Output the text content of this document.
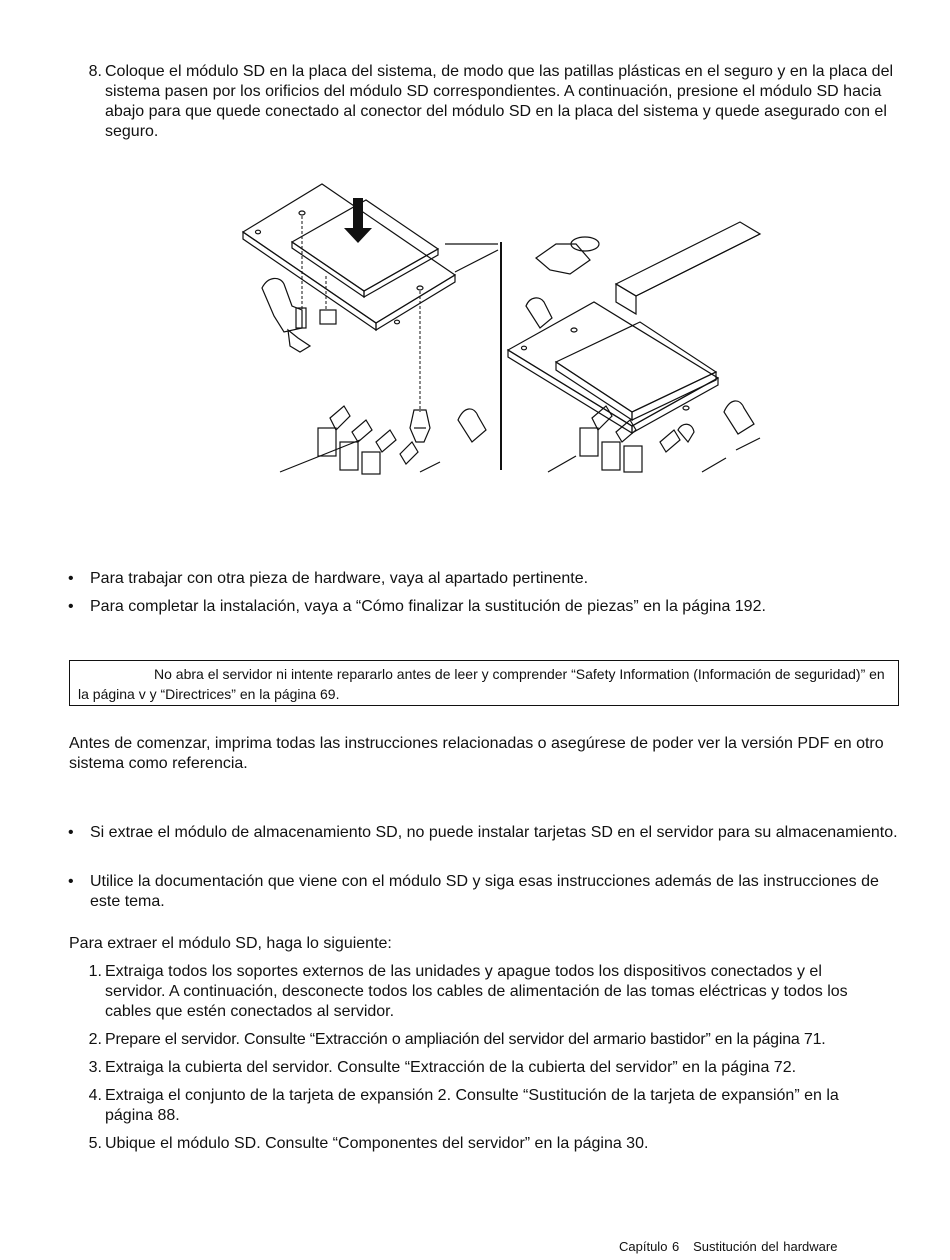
8. Coloque el módulo SD en la placa del sistema, de modo que las patillas plásticas en el seguro y en la placa del sistema pasen por los orificios del módulo SD correspondientes. A continuación, presione el módulo SD hacia abajo para que quede conectado al conector del módulo SD en la placa del sistema y quede asegurado con el seguro.
• Para trabajar con otra pieza de hardware, vaya al apartado pertinente.
• Para completar la instalación, vaya a “Cómo finalizar la sustitución de piezas” en la página 192.
No abra el servidor ni intente repararlo antes de leer y comprender “Safety Information (Información de seguridad)” en la página v y “Directrices” en la página 69.
Antes de comenzar, imprima todas las instrucciones relacionadas o asegúrese de poder ver la versión PDF en otro sistema como referencia.
• Si extrae el módulo de almacenamiento SD, no puede instalar tarjetas SD en el servidor para su almacenamiento.
• Utilice la documentación que viene con el módulo SD y siga esas instrucciones además de las instrucciones de este tema.
Para extraer el módulo SD, haga lo siguiente:
1. Extraiga todos los soportes externos de las unidades y apague todos los dispositivos conectados y el servidor. A continuación, desconecte todos los cables de alimentación de las tomas eléctricas y todos los cables que estén conectados al servidor.
2. Prepare el servidor. Consulte “Extracción o ampliación del servidor del armario bastidor” en la página 71.
3. Extraiga la cubierta del servidor. Consulte “Extracción de la cubierta del servidor” en la página 72.
4. Extraiga el conjunto de la tarjeta de expansión 2. Consulte “Sustitución de la tarjeta de expansión” en la página 88.
5. Ubique el módulo SD. Consulte “Componentes del servidor” en la página 30.
Capítulo 6   Sustitución del hardware
